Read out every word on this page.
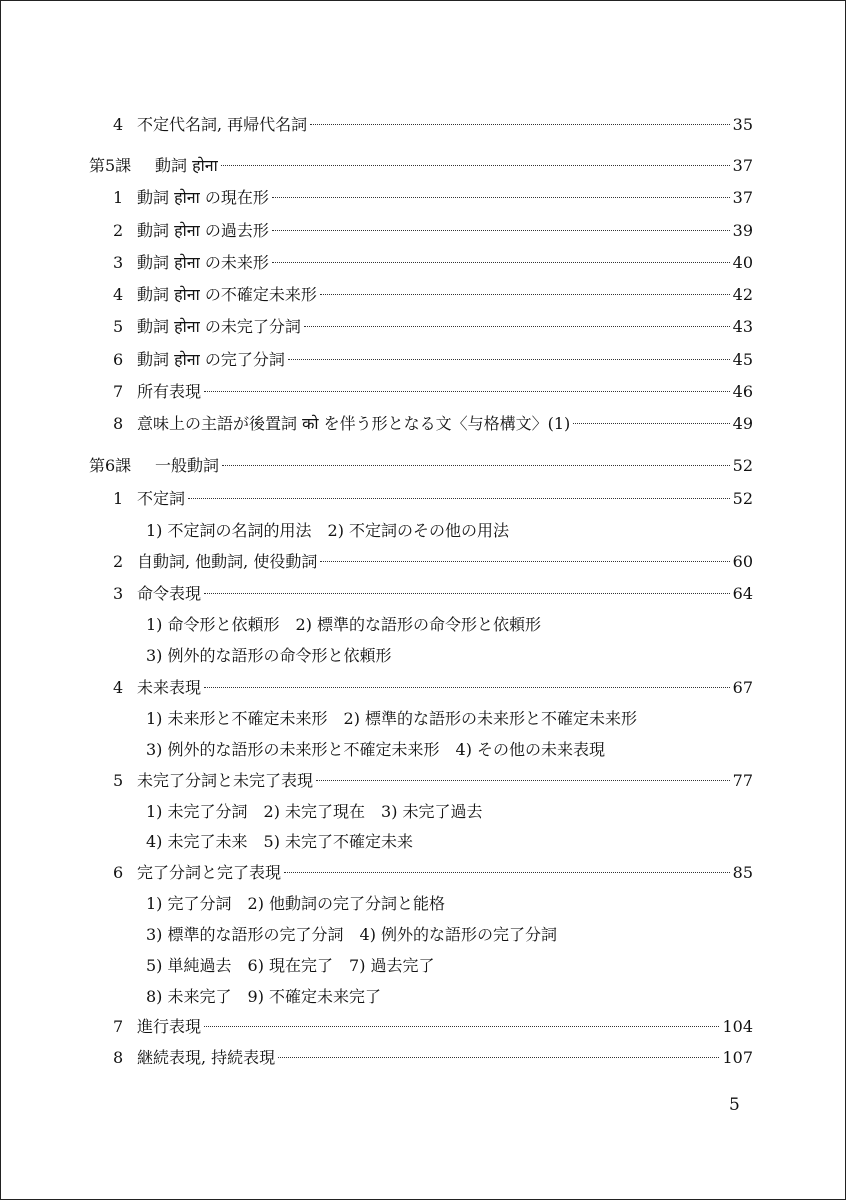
4 不定代名詞, 再帰代名詞	35
第5課	動詞 होना	37
1 動詞 होना の現在形	37
2 動詞 होना の過去形	39
3 動詞 होना の未来形	40
4 動詞 होना の不確定未来形	42
5 動詞 होना の未完了分詞	43
6 動詞 होना の完了分詞	45
7 所有表現	46
8 意味上の主語が後置詞 को を伴う形となる文〈与格構文〉(1)	49
第6課	一般動詞	52
1 不定詞	52
1) 不定詞の名詞的用法　2) 不定詞のその他の用法
2 自動詞, 他動詞, 使役動詞	60
3 命令表現	64
1) 命令形と依頼形　2) 標準的な語形の命令形と依頼形
3) 例外的な語形の命令形と依頼形
4 未来表現	67
1) 未来形と不確定未来形　2) 標準的な語形の未来形と不確定未来形
3) 例外的な語形の未来形と不確定未来形　4) その他の未来表現
5 未完了分詞と未完了表現	77
1) 未完了分詞　2) 未完了現在　3) 未完了過去
4) 未完了未来　5) 未完了不確定未来
6 完了分詞と完了表現	85
1) 完了分詞　2) 他動詞の完了分詞と能格
3) 標準的な語形の完了分詞　4) 例外的な語形の完了分詞
5) 単純過去　6) 現在完了　7) 過去完了
8) 未来完了　9) 不確定未来完了
7 進行表現	104
8 継続表現, 持続表現	107
5
